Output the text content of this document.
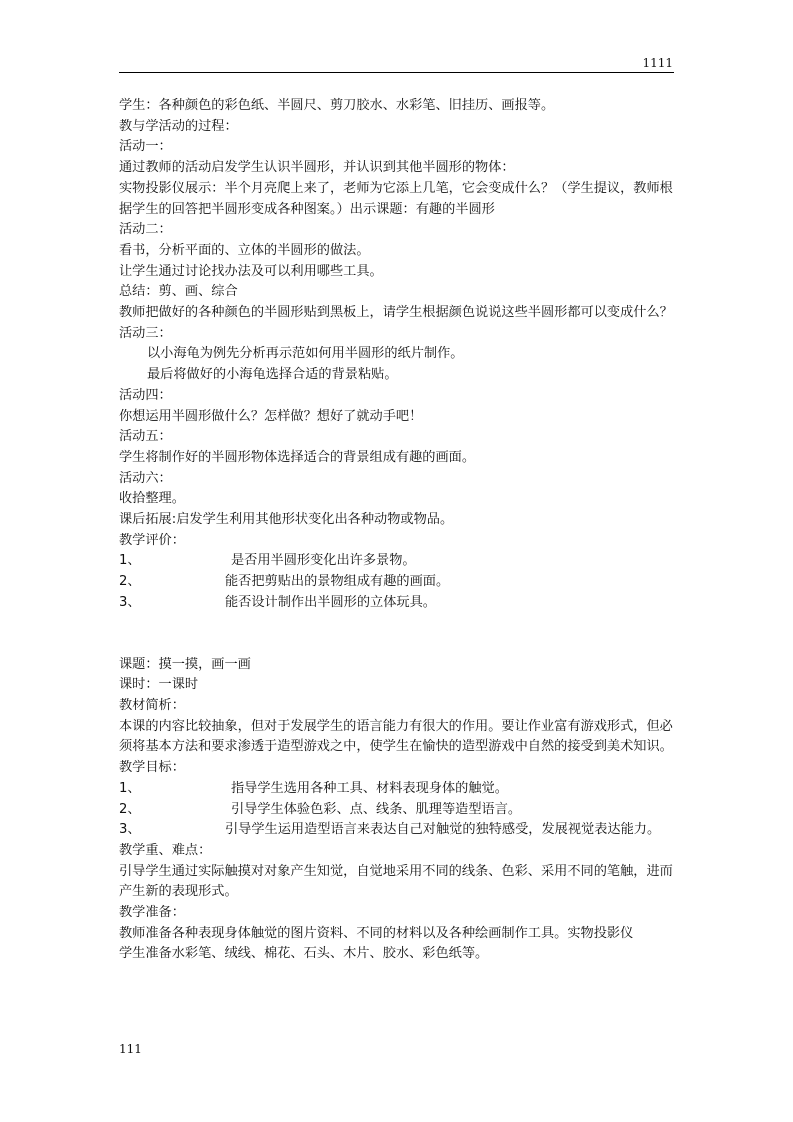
1111

学生：各种颜色的彩色纸、半圆尺、剪刀胶水、水彩笔、旧挂历、画报等。

教与学活动的过程：

活动一：

通过教师的活动启发学生认识半圆形，并认识到其他半圆形的物体：

实物投影仪展示：半个月亮爬上来了，老师为它添上几笔，它会变成什么？（学生提议，教师根据学生的回答把半圆形变成各种图案。）出示课题：有趣的半圆形

活动二：

看书，分析平面的、立体的半圆形的做法。

让学生通过讨论找办法及可以利用哪些工具。

总结：剪、画、综合

教师把做好的各种颜色的半圆形贴到黑板上，请学生根据颜色说说这些半圆形都可以变成什么？

活动三：

以小海龟为例先分析再示范如何用半圆形的纸片制作。

最后将做好的小海龟选择合适的背景粘贴。

活动四：

你想运用半圆形做什么？怎样做？想好了就动手吧！

活动五：

学生将制作好的半圆形物体选择适合的背景组成有趣的画面。

活动六：

收拾整理。

课后拓展:启发学生利用其他形状变化出各种动物或物品。

教学评价：

1、	是否用半圆形变化出许多景物。
2、	能否把剪贴出的景物组成有趣的画面。
3、	能否设计制作出半圆形的立体玩具。

课题：摸一摸，画一画

课时：一课时

教材简析：

本课的内容比较抽象，但对于发展学生的语言能力有很大的作用。要让作业富有游戏形式，但必须将基本方法和要求渗透于造型游戏之中，使学生在愉快的造型游戏中自然的接受到美术知识。

教学目标：

1、	指导学生选用各种工具、材料表现身体的触觉。
2、	引导学生体验色彩、点、线条、肌理等造型语言。
3、	引导学生运用造型语言来表达自己对触觉的独特感受，发展视觉表达能力。

教学重、难点：

引导学生通过实际触摸对对象产生知觉，自觉地采用不同的线条、色彩、采用不同的笔触，进而产生新的表现形式。

教学准备：

教师准备各种表现身体触觉的图片资料、不同的材料以及各种绘画制作工具。实物投影仪

学生准备水彩笔、绒线、棉花、石头、木片、胶水、彩色纸等。

111
